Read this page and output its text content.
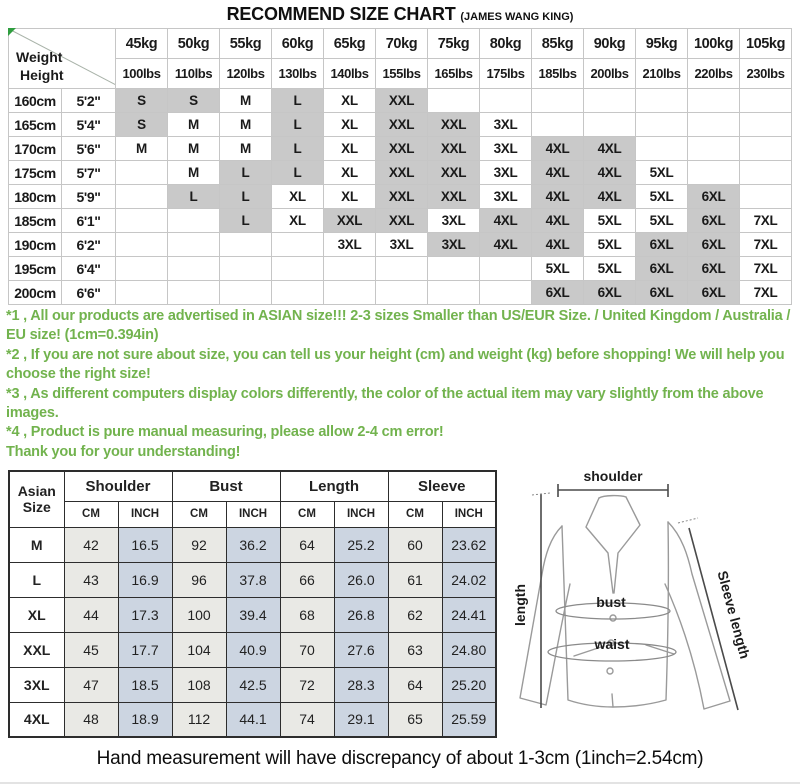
RECOMMEND SIZE CHART (JAMES WANG KING)
Weight
Height		45kg	50kg	55kg	60kg	65kg	70kg	75kg	80kg	85kg	90kg	95kg	100kg	105kg
		100lbs	110lbs	120lbs	130lbs	140lbs	155lbs	165lbs	175lbs	185lbs	200lbs	210lbs	220lbs	230lbs
160cm	5'2"	S	S	M	L	XL	XXL							
165cm	5'4"	S	M	M	L	XL	XXL	XXL	3XL					
170cm	5'6"	M	M	M	L	XL	XXL	XXL	3XL	4XL	4XL			
175cm	5'7"		M	L	L	XL	XXL	XXL	3XL	4XL	4XL	5XL		
180cm	5'9"		L	L	XL	XL	XXL	XXL	3XL	4XL	4XL	5XL	6XL	
185cm	6'1"			L	XL	XXL	XXL	3XL	4XL	4XL	5XL	5XL	6XL	7XL
190cm	6'2"					3XL	3XL	3XL	4XL	4XL	5XL	6XL	6XL	7XL
195cm	6'4"									5XL	5XL	6XL	6XL	7XL
200cm	6'6"									6XL	6XL	6XL	6XL	7XL

*1 , All our products are advertised in ASIAN size!!! 2-3 sizes Smaller than US/EUR Size. / United Kingdom / Australia / EU size! (1cm=0.394in)

*2 , If you are not sure about size, you can tell us your height (cm) and weight (kg) before shopping! We will help you choose the right size!

*3 , As different computers display colors differently, the color of the actual item may vary slightly from the above images.

*4 , Product is pure manual measuring, please allow 2-4 cm error!

Thank you for your understanding!

Asian
Size	Shoulder		Bust		Length		Sleeve	
	CM	INCH	CM	INCH	CM	INCH	CM	INCH
M	42	16.5	92	36.2	64	25.2	60	23.62
L	43	16.9	96	37.8	66	26.0	61	24.02
XL	44	17.3	100	39.4	68	26.8	62	24.41
XXL	45	17.7	104	40.9	70	27.6	63	24.80
3XL	47	18.5	108	42.5	72	28.3	64	25.20
4XL	48	18.9	112	44.1	74	29.1	65	25.59
shoulder
length	bust
waist	Sleeve length
Hand measurement will have discrepancy of about 1-3cm (1inch=2.54cm)
